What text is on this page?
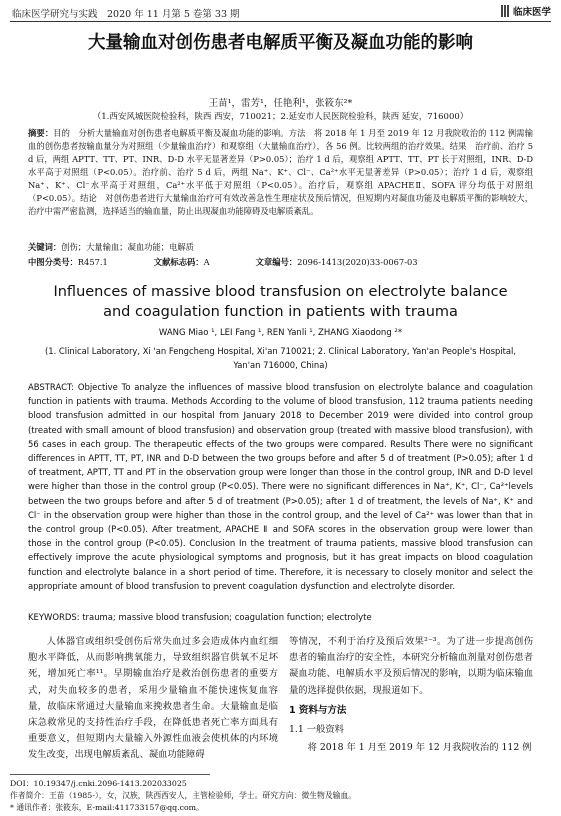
临床医学研究与实践　2020 年 11 月第 5 卷第 33 期	临床医学
大量输血对创伤患者电解质平衡及凝血功能的影响
王苗¹，雷芳¹，任艳利¹，张筱东²*
（1.西安风城医院检验科，陕西 西安，710021；2.延安市人民医院检验科，陕西 延安，716000）
摘要：目的　分析大量输血对创伤患者电解质平衡及凝血功能的影响。方法　将 2018 年 1 月至 2019 年 12 月我院收治的 112 例需输血的创伤患者按输血量分为对照组（少量输血治疗）和观察组（大量输血治疗），各 56 例。比较两组的治疗效果。结果　治疗前、治疗 5 d 后，两组 APTT、TT、PT、INR、D-D 水平无显著差异（P>0.05）；治疗 1 d 后，观察组 APTT、TT、PT 长于对照组，INR、D-D 水平高于对照组（P<0.05）。治疗前、治疗 5 d 后，两组 Na⁺、K⁺、Cl⁻、Ca²⁺水平无显著差异（P>0.05）；治疗 1 d 后，观察组 Na⁺、K⁺、Cl⁻水平高于对照组，Ca²⁺水平低于对照组（P<0.05）。治疗后，观察组 APACHEⅡ、SOFA 评分均低于对照组（P<0.05）。结论　对创伤患者进行大量输血治疗可有效改善急性生理症状及预后情况，但短期内对凝血功能及电解质平衡的影响较大，治疗中需严密监测，选择适当的输血量，防止出现凝血功能障碍及电解质紊乱。
关键词：创伤；大量输血；凝血功能；电解质
中图分类号：R457.1	文献标志码：A	文章编号：2096-1413(2020)33-0067-03
Influences of massive blood transfusion on electrolyte balance and coagulation function in patients with trauma
WANG Miao ¹, LEI Fang ¹, REN Yanli ¹, ZHANG Xiaodong ²*
(1. Clinical Laboratory, Xi 'an Fengcheng Hospital, Xi'an 710021; 2. Clinical Laboratory, Yan'an People's Hospital, Yan'an 716000, China)
ABSTRACT: Objective To analyze the influences of massive blood transfusion on electrolyte balance and coagulation function in patients with trauma. Methods According to the volume of blood transfusion, 112 trauma patients needing blood transfusion admitted in our hospital from January 2018 to December 2019 were divided into control group (treated with small amount of blood transfusion) and observation group (treated with massive blood transfusion), with 56 cases in each group. The therapeutic effects of the two groups were compared. Results There were no significant differences in APTT, TT, PT, INR and D-D between the two groups before and after 5 d of treatment (P>0.05); after 1 d of treatment, APTT, TT and PT in the observation group were longer than those in the control group, INR and D-D level were higher than those in the control group (P<0.05). There were no significant differences in Na⁺, K⁺, Cl⁻, Ca²⁺levels between the two groups before and after 5 d of treatment (P>0.05); after 1 d of treatment, the levels of Na⁺, K⁺ and Cl⁻ in the observation group were higher than those in the control group, and the level of Ca²⁺ was lower than that in the control group (P<0.05). After treatment, APACHE Ⅱ and SOFA scores in the observation group were lower than those in the control group (P<0.05). Conclusion In the treatment of trauma patients, massive blood transfusion can effectively improve the acute physiological symptoms and prognosis, but it has great impacts on blood coagulation function and electrolyte balance in a short period of time. Therefore, it is necessary to closely monitor and select the appropriate amount of blood transfusion to prevent coagulation dysfunction and electrolyte disorder.
KEYWORDS: trauma; massive blood transfusion; coagulation function; electrolyte

人体器官或组织受创伤后常失血过多会造成体内血红细胞水平降低，从而影响携氧能力，导致组织器官供氧不足坏死，增加死亡率¹¹。早期输血治疗是救治创伤患者的重要方式，对失血较多的患者，采用少量输血不能快速恢复血容量，故临床常通过大量输血来挽救患者生命。大量输血是临床急救常见的支持性治疗手段，在降低患者死亡率方面具有重要意义，但短期内大量输入外源性血液会使机体的内环境发生改变，出现电解质紊乱、凝血功能障碍

等情况，不利于治疗及预后效果²⁻³。为了进一步提高创伤患者的输血治疗的安全性，本研究分析输血剂量对创伤患者凝血功能、电解质水平及预后情况的影响，以期为临床输血量的选择提供依据，现报道如下。

1 资料与方法
1.1 一般资料

将 2018 年 1 月至 2019 年 12 月我院收治的 112 例

DOI：10.19347/j.cnki.2096-1413.202033025
作者简介：王苗（1985-），女，汉族，陕西西安人，主管检验师，学士。研究方向：微生物及输血。
* 通讯作者：张筱东，E-mail:411733157@qq.com。
